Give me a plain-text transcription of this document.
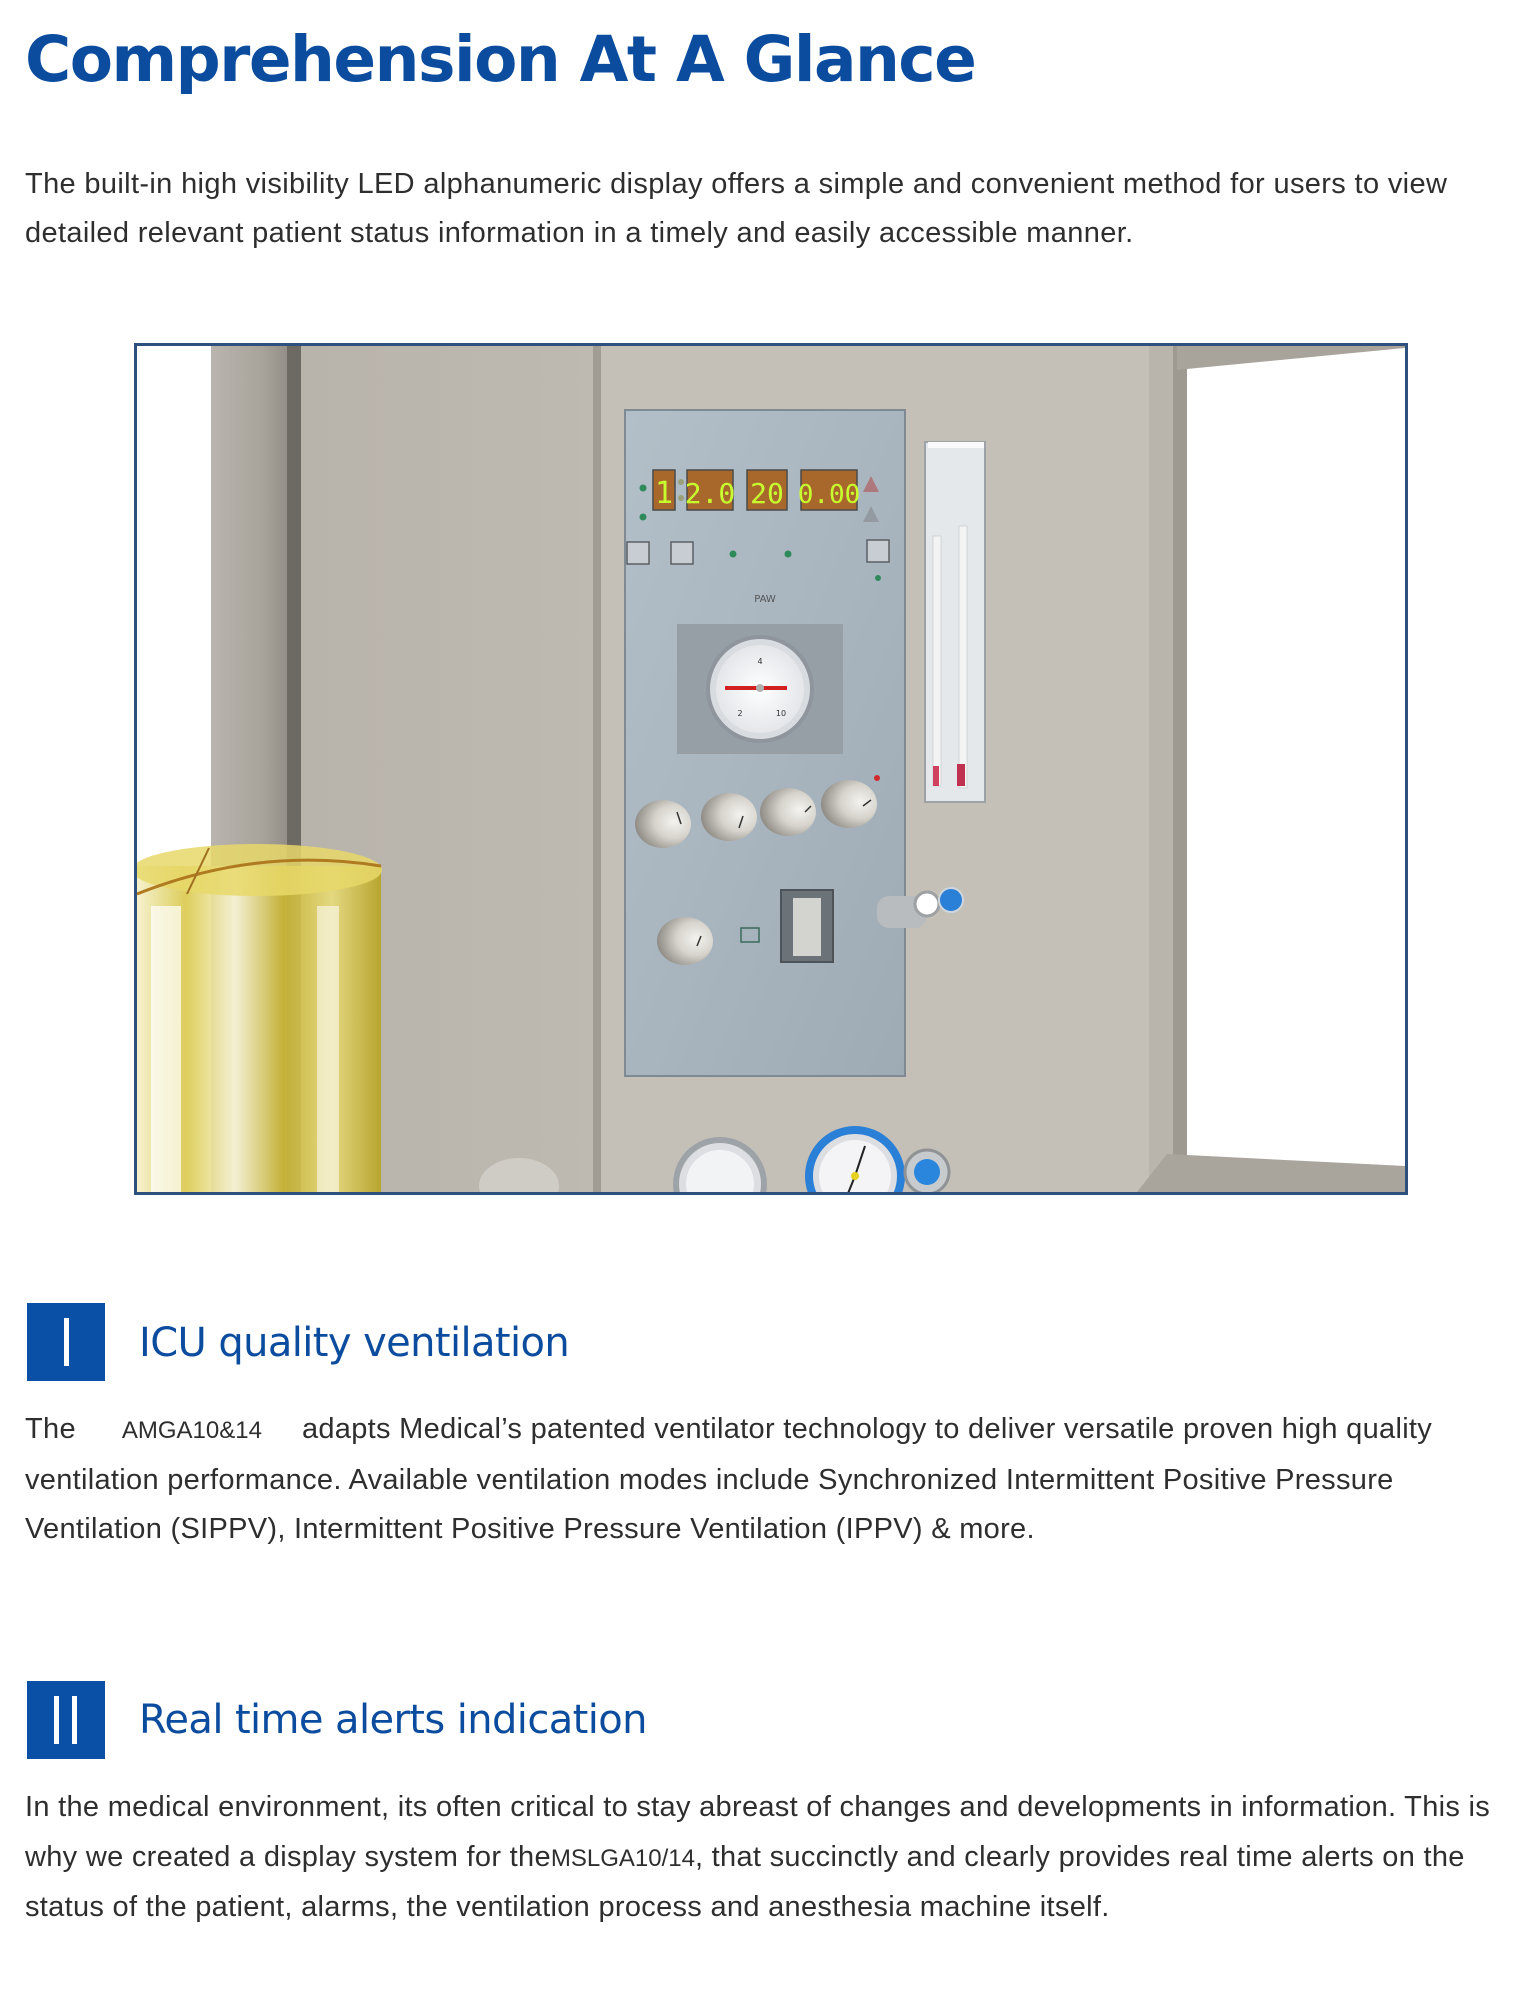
Comprehension At A Glance

The built-in high visibility LED alphanumeric display offers a simple and convenient method for users to view detailed relevant patient status information in a timely and easily accessible manner.

1 2.0 20 0.00
PAW
4
2	10
ICU quality ventilation

The AMGA10&14 adapts Medical’s patented ventilator technology to deliver versatile proven high quality ventilation performance. Available ventilation modes include Synchronized Intermittent Positive Pressure Ventilation (SIPPV), Intermittent Positive Pressure Ventilation (IPPV) & more.

Real time alerts indication

In the medical environment, its often critical to stay abreast of changes and developments in information. This is why we created a display system for theMSLGA10/14, that succinctly and clearly provides real time alerts on the status of the patient, alarms, the ventilation process and anesthesia machine itself.
